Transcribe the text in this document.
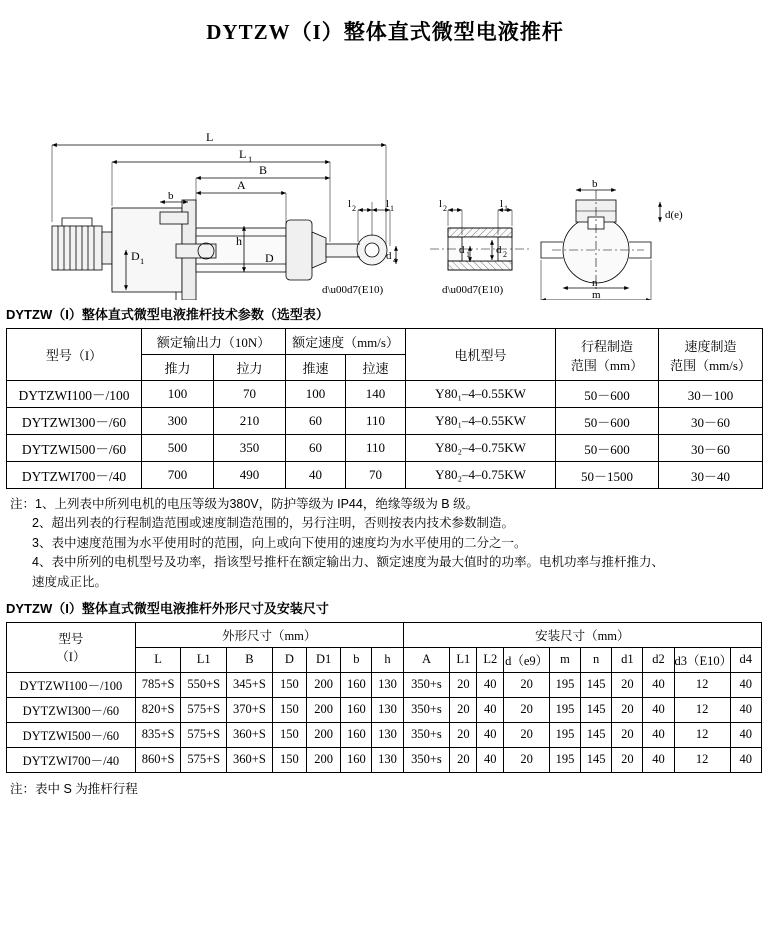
DYTZW（I）整体直式微型电液推杆
L
L 1
B
A
b
D 1
h
D
l 2	l 1
d 4
d\u00d7(E10)
l 2	l 1
d 1 d 2
d\u00d7(E10)
b
d(e)
n
m
DYTZW（I）整体直式微型电液推杆技术参数（选型表）
型号（I）	额定输出力（10N）	额定速度（mm/s）	电机型号	
行程制造
范围（mm）

速度制造
范围（mm/s）

	推力	拉力	推速	拉速			
DYTZWI100－/100	100	70	100	140	Y80₁–4–0.55KW	50－600	30－100
DYTZWI300－/60	300	210	60	110	Y80₁–4–0.55KW	50－600	30－60
DYTZWI500－/60	500	350	60	110	Y80₂–4–0.75KW	50－600	30－60
DYTZWI700－/40	700	490	40	70	Y80₂–4–0.75KW	50－1500	30－40
注：1、上列表中所列电机的电压等级为380V，防护等级为 IP44，绝缘等级为 B 级。
2、超出列表的行程制造范围或速度制造范围的，另行注明，否则按表内技术参数制造。
3、表中速度范围为水平使用时的范围，向上或向下使用的速度均为水平使用的二分之一。
4、表中所列的电机型号及功率，指该型号推杆在额定输出力、额定速度为最大值时的功率。电机功率与推杆推力、
速度成正比。
DYTZW（I）整体直式微型电液推杆外形尺寸及安装尺寸
型号
（I）	外形尺寸（mm）							安装尺寸（mm）									
	L	L1	B	D	D1	b	h	A	L1	L2	d（e9）	m	n	d1	d2	d3（E10）	d4
DYTZWI100－/100	785+S	550+S	345+S	150	200	160	130	350+s	20	40	20	195	145	20	40	12	40
DYTZWI300－/60	820+S	575+S	370+S	150	200	160	130	350+s	20	40	20	195	145	20	40	12	40
DYTZWI500－/60	835+S	575+S	360+S	150	200	160	130	350+s	20	40	20	195	145	20	40	12	40
DYTZWI700－/40	860+S	575+S	360+S	150	200	160	130	350+s	20	40	20	195	145	20	40	12	40
注：表中 S 为推杆行程
